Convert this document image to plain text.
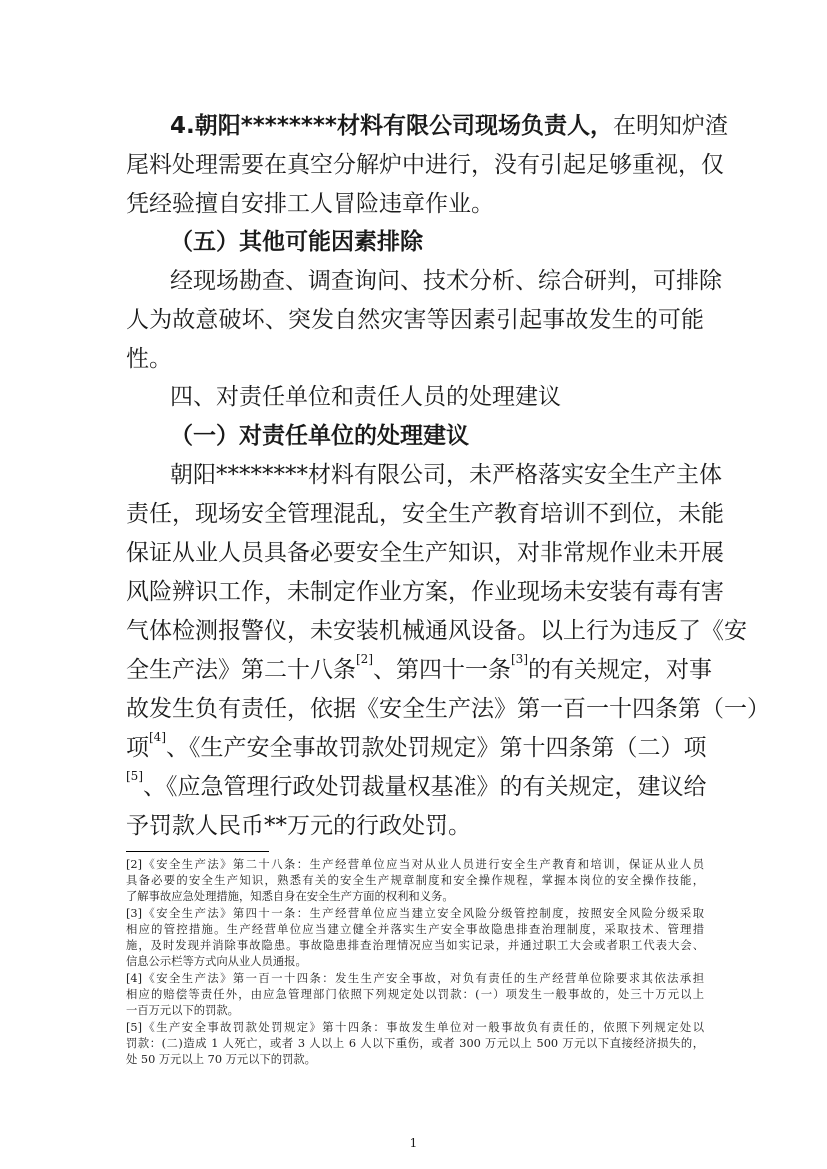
4.朝阳********材料有限公司现场负责人，在明知炉渣
尾料处理需要在真空分解炉中进行，没有引起足够重视，仅
凭经验擅自安排工人冒险违章作业。
（五）其他可能因素排除
经现场勘查、调查询问、技术分析、综合研判，可排除
人为故意破坏、突发自然灾害等因素引起事故发生的可能
性。
四、对责任单位和责任人员的处理建议
（一）对责任单位的处理建议
朝阳********材料有限公司，未严格落实安全生产主体
责任，现场安全管理混乱，安全生产教育培训不到位，未能
保证从业人员具备必要安全生产知识，对非常规作业未开展
风险辨识工作，未制定作业方案，作业现场未安装有毒有害
气体检测报警仪，未安装机械通风设备。以上行为违反了《安
全生产法》第二十八条[2]、第四十一条[3]的有关规定，对事
故发生负有责任，依据《安全生产法》第一百一十四条第（一）
项[4]、《生产安全事故罚款处罚规定》第十四条第（二）项
[5]、《应急管理行政处罚裁量权基准》的有关规定，建议给
予罚款人民币**万元的行政处罚。
[2]《安全生产法》第二十八条：生产经营单位应当对从业人员进行安全生产教育和培训，保证从业人员
具备必要的安全生产知识，熟悉有关的安全生产规章制度和安全操作规程，掌握本岗位的安全操作技能，
了解事故应急处理措施，知悉自身在安全生产方面的权利和义务。
[3]《安全生产法》第四十一条：生产经营单位应当建立安全风险分级管控制度，按照安全风险分级采取
相应的管控措施。生产经营单位应当建立健全并落实生产安全事故隐患排查治理制度，采取技术、管理措
施，及时发现并消除事故隐患。事故隐患排查治理情况应当如实记录，并通过职工大会或者职工代表大会、
信息公示栏等方式向从业人员通报。
[4]《安全生产法》第一百一十四条：发生生产安全事故，对负有责任的生产经营单位除要求其依法承担
相应的赔偿等责任外，由应急管理部门依照下列规定处以罚款：(一）项发生一般事故的，处三十万元以上
一百万元以下的罚款。
[5]《生产安全事故罚款处罚规定》第十四条：事故发生单位对一般事故负有责任的，依照下列规定处以
罚款：(二)造成 1 人死亡，或者 3 人以上 6 人以下重伤，或者 300 万元以上 500 万元以下直接经济损失的，
处 50 万元以上 70 万元以下的罚款。
1
